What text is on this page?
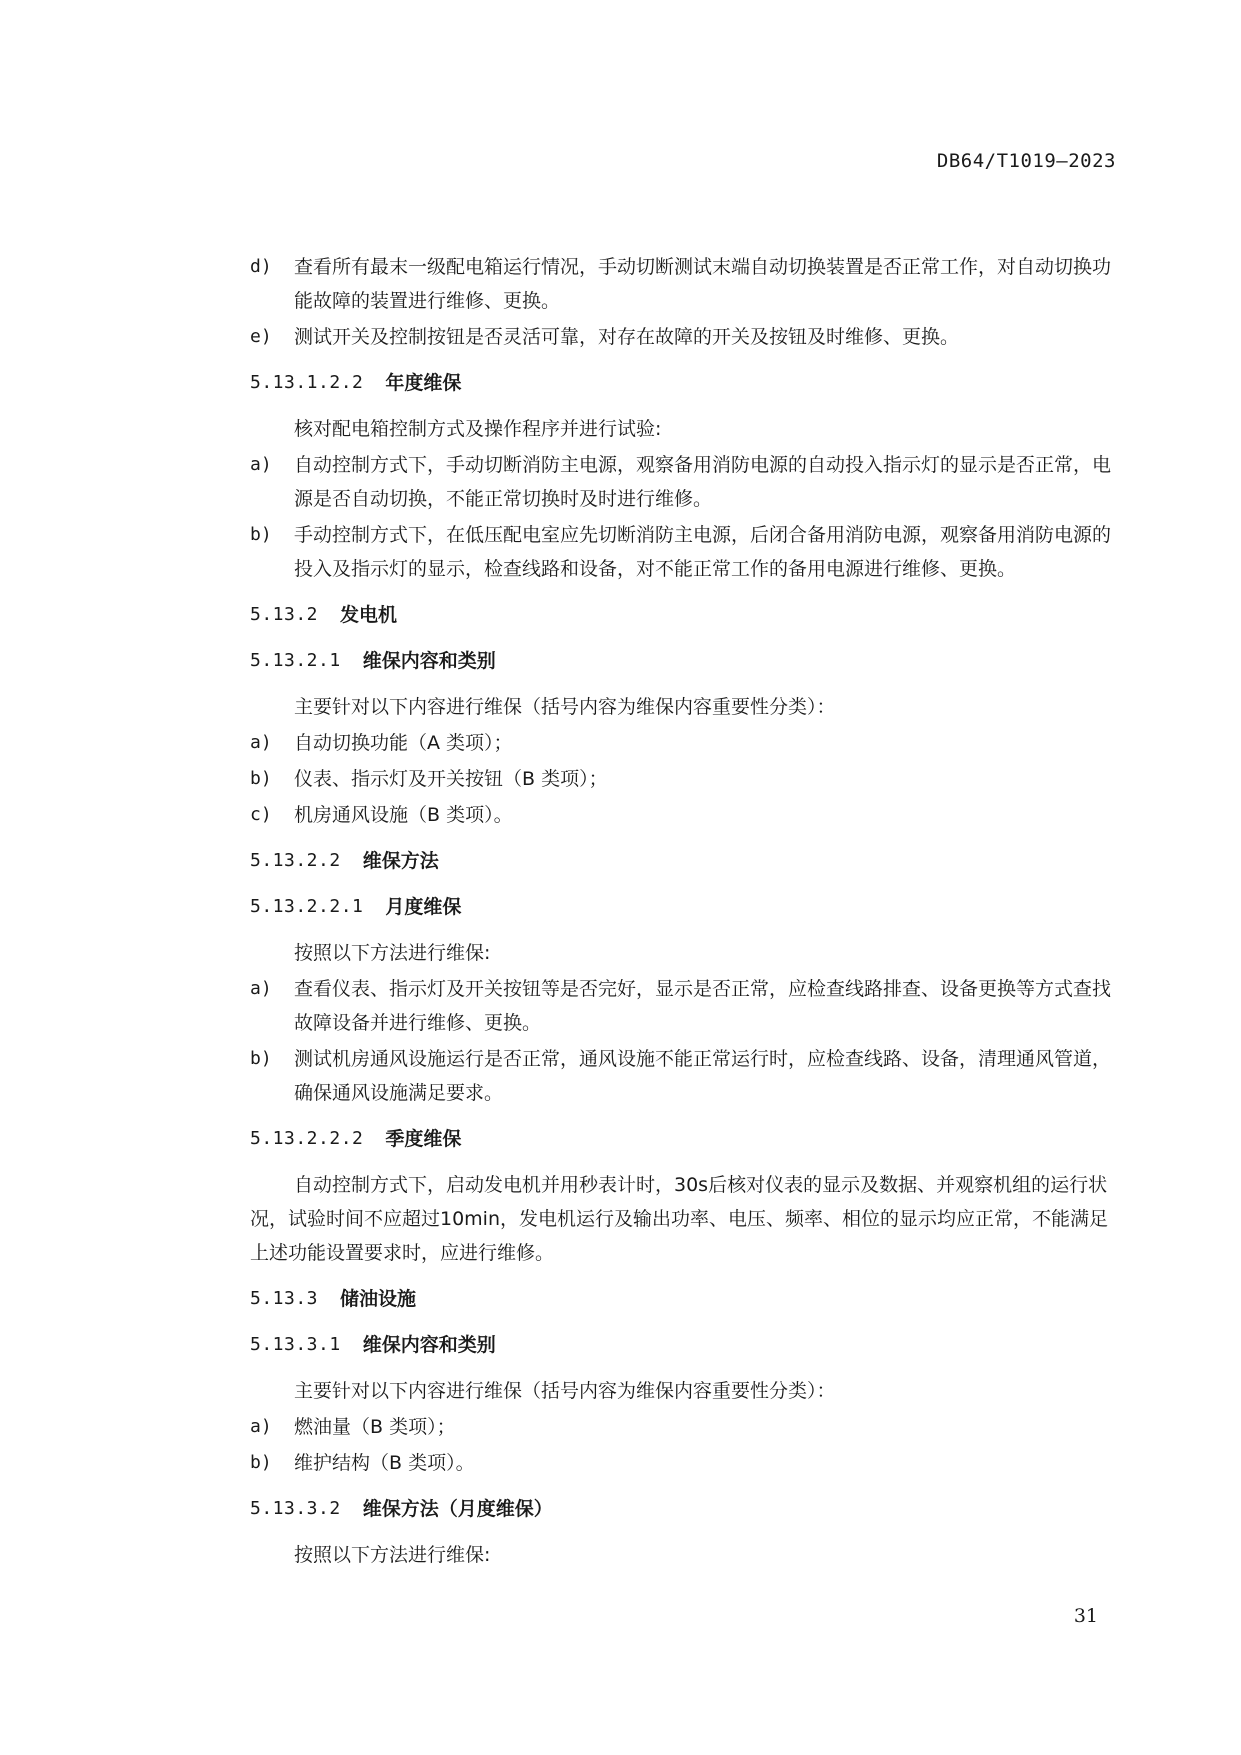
DB64/T1019—2023
d)	查看所有最末一级配电箱运行情况，手动切断测试末端自动切换装置是否正常工作，对自动切换功能故障的装置进行维修、更换。
e)	测试开关及控制按钮是否灵活可靠，对存在故障的开关及按钮及时维修、更换。
5.13.1.2.2 年度维保

核对配电箱控制方式及操作程序并进行试验:

a)	自动控制方式下，手动切断消防主电源，观察备用消防电源的自动投入指示灯的显示是否正常，电源是否自动切换，不能正常切换时及时进行维修。
b)	手动控制方式下，在低压配电室应先切断消防主电源，后闭合备用消防电源，观察备用消防电源的投入及指示灯的显示，检查线路和设备，对不能正常工作的备用电源进行维修、更换。
5.13.2 发电机
5.13.2.1 维保内容和类别

主要针对以下内容进行维保（括号内容为维保内容重要性分类）：

a)	自动切换功能（A 类项）；
b)	仪表、指示灯及开关按钮（B 类项）；
c)	机房通风设施（B 类项）。
5.13.2.2 维保方法
5.13.2.2.1 月度维保

按照以下方法进行维保:

a)	查看仪表、指示灯及开关按钮等是否完好，显示是否正常，应检查线路排查、设备更换等方式查找故障设备并进行维修、更换。
b)	测试机房通风设施运行是否正常，通风设施不能正常运行时，应检查线路、设备，清理通风管道，确保通风设施满足要求。
5.13.2.2.2 季度维保

自动控制方式下，启动发电机并用秒表计时，30s后核对仪表的显示及数据、并观察机组的运行状况，试验时间不应超过10min，发电机运行及输出功率、电压、频率、相位的显示均应正常，不能满足上述功能设置要求时，应进行维修。

5.13.3 储油设施
5.13.3.1 维保内容和类别

主要针对以下内容进行维保（括号内容为维保内容重要性分类）：

a)	燃油量（B 类项）；
b)	维护结构（B 类项）。
5.13.3.2 维保方法（月度维保）

按照以下方法进行维保:

31
